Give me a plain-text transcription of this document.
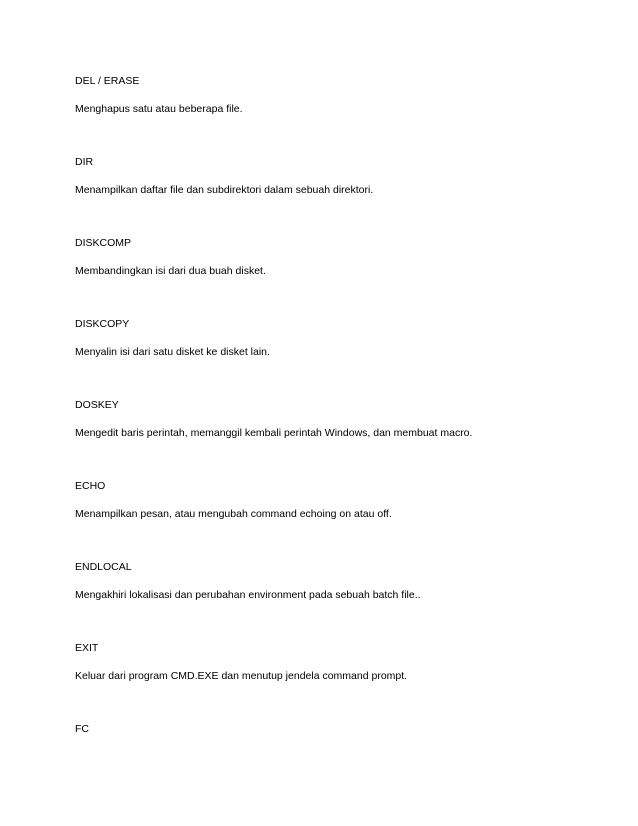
DEL / ERASE
Menghapus satu atau beberapa file.
DIR
Menampilkan daftar file dan subdirektori dalam sebuah direktori.
DISKCOMP
Membandingkan isi dari dua buah disket.
DISKCOPY
Menyalin isi dari satu disket ke disket lain.
DOSKEY
Mengedit baris perintah, memanggil kembali perintah Windows, dan membuat macro.
ECHO
Menampilkan pesan, atau mengubah command echoing on atau off.
ENDLOCAL
Mengakhiri lokalisasi dan perubahan environment pada sebuah batch file..
EXIT
Keluar dari program CMD.EXE dan menutup jendela command prompt.
FC
